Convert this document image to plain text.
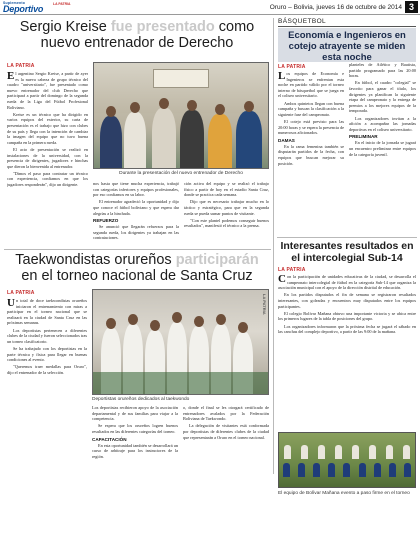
Suplemento
Deportivo	LA PATRIA	Oruro – Bolivia, jueves 16 de octubre de 2014 3
Sergio Kreise fue presentado como nuevo entrenador de Derecho
LA PATRIA

El argentino Sergio Kreise, a partir de ayer es la nueva cabeza de grupo técnico del cuadro "universitario", fue presentado como nuevo entrenador del club Derecho que participará a partir del domingo de la segunda rueda de la Liga del Fútbol Profesional Boliviano.

Kreise es un técnico que ha dirigido en varios equipos del exterior, su carta de presentación es el trabajo que hizo con clubes de su país y llega con la intención de cambiar la imagen del equipo que no tuvo buena campaña en la primera rueda.

El acto de presentación se realizó en instalaciones de la universidad, con la presencia de dirigentes, jugadores e hinchas que dieron la bienvenida al entrenador.

"Dimos el paso para contratar un técnico con experiencia, confiamos en que los jugadores responderán", dijo un dirigente.

Durante la presentación del nuevo entrenador de Derecho

nos hasta que tiene mucha experiencia, trabajó con categorías inferiores y equipos profesionales, por eso confiamos en su labor.

El entrenador agradeció la oportunidad y dijo que conoce el fútbol boliviano y que espera dar alegrías a la hinchada.

REFUERZO

Se anunció que llegarán refuerzos para la segunda rueda, los dirigentes ya trabajan en las contrataciones.

ción activa del equipo y se realizó el trabajo físico a partir de hoy en el estadio Santa Cruz, donde se practica cada semana.

Dijo que es necesario trabajar mucho en lo táctico y estratégico, para que en la segunda rueda se pueda sumar puntos de visitante.

"Con este plantel podemos conseguir buenos resultados", manifestó el técnico a la prensa.

BÁSQUETBOL
Economía e Ingenieros en cotejo atrayente se miden esta noche
LA PATRIA

Los equipos de Economía e Ingenieros se enfrentan esta noche en partido válido por el torneo interno de básquetbol que se juega en el coliseo universitario.

Ambos quintetos llegan con buena campaña y buscan la clasificación a la siguiente fase del campeonato.

El cotejo está previsto para las 20:00 horas y se espera la presencia de numerosos aficionados.

DAMAS

En la rama femenina también se disputarán partidos de la fecha, con equipos que buscan mejorar su posición.

planteles de Atlético y Bautista, partido programado para las 20:00 horas.

En fútbol, el cuadro "colegial" se favorito para ganar el título, los dirigentes ya planifican la siguiente etapa del campeonato y la entrega de premios a los mejores equipos de la temporada.

Los organizadores invitan a la afición a acompañar las jornadas deportivas en el coliseo universitario.

PRELIMINAR

En el inicio de la jornada se jugará un encuentro preliminar entre equipos de la categoría juvenil.

Interesantes resultados en el intercolegial Sub-14
LA PATRIA

Con la participación de unidades educativas de la ciudad, se desarrolla el campeonato intercolegial de fútbol en la categoría Sub-14 que organiza la asociación municipal con el apoyo de la dirección distrital de educación.

En los partidos disputados el fin de semana se registraron resultados interesantes, con goleadas y encuentros muy disputados entre los equipos participantes.

El colegio Bolívar Mañana obtuvo una importante victoria y se ubica entre los primeros lugares de la tabla de posiciones del grupo.

Los organizadores informaron que la próxima fecha se jugará el sábado en las canchas del complejo deportivo, a partir de las 9:00 de la mañana.

El equipo de Bolívar Mañana evento a paso firme en el torneo
Taekwondistas orureños participarán en el torneo nacional de Santa Cruz
LA PATRIA

Un total de doce taekwondistas orureños iniciaron el entrenamiento con miras a participar en el torneo nacional que se realizará en la ciudad de Santa Cruz en las próximas semanas.

Los deportistas pertenecen a diferentes clubes de la ciudad y fueron seleccionados tras un torneo clasificatorio.

Se ha trabajado con los deportistas en la parte técnica y física para llegar en buenas condiciones al evento.

"Queremos traer medallas para Oruro", dijo el entrenador de la selección.

LA PATRIA
Deportistas orureños dedicados al taekwondo

Los deportistas recibieron apoyo de la asociación departamental y de sus familias para viajar a la competencia.

Se espera que los orureños logren buenos resultados en las diferentes categorías del torneo.

CAPACITACIÓN

En esta oportunidad también se desarrollará un curso de arbitraje para los instructores de la región.

o, donde el final se les otorgará certificado de entrenadores avalados por la Federación Boliviana de Taekwondo.

La delegación de visitantes está conformada por deportistas de diferentes clubes de la ciudad que representarán a Oruro en el torneo nacional.
